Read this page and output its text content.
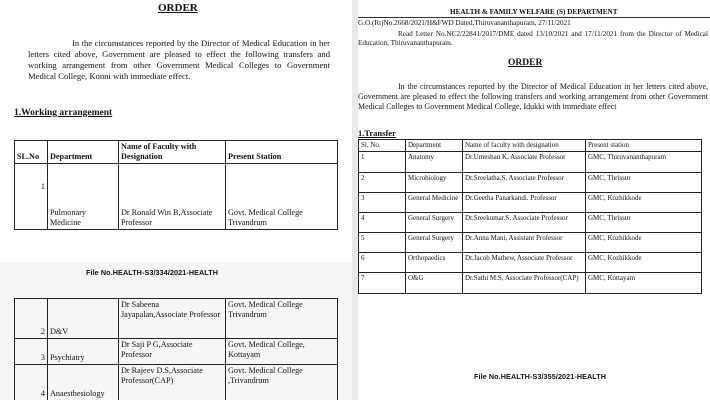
ORDER
In the circumstances reported by the Director of Medical Education in her letters cited above, Government are pleased to effect the following transfers and working arrangement from other Government Medical Colleges to Government Medical College, Konni with immediate effect.
1.Working arrangement
SL.No	Department	Name of Faculty with Designation	Present Station
1	Pulmonary Medicine	Dr Ronald Win B,Associate Professor	Govt. Medical College Trivandrum
File No.HEALTH-S3/334/2021-HEALTH
2	D&V	Dr Sabeena Jayapalan,Associate Professor	Govt. Medical College Trivandrum
3	Psychiatry	Dr Saji P G,Associate Professor	Govt. Medical College, Kottayam
4	Anaesthesiology	Dr Rajeev D.S,Associate Professor(CAP)	Govt. Medical College ,Trivandrum
HEALTH & FAMILY WELFARE (S) DEPARTMENT
G.O.(Rt)No.2668/2021/H&FWD Dated,Thiruvananthapuram, 27/11/2021
Read Letter No.NC2/22841/2017/DME dated 13/10/2021 and 17/11/2021 from the Director of Medical Education, Thiruvananthapuram.
ORDER
In the circumstances reported by the Director of Medical Education in her letters cited above, Government are pleased to effect the following transfers and working arrangement from other Government Medical Colleges to Government Medical College, Idukki with immediate effect
1.Transfer
Sl. No.	Department	Name of faculty with designation	Present station
1	Anatomy	Dr.Umeshan K, Associate Professor	GMC, Thiruvananthapuram
2	Microbiology	Dr.Sreelatha.S, Associate Professor	GMC, Thrissur
3	General Medicine	Dr.Geetha Panarkandi. Professor	GMC, Kozhikkode
4	General Surgery	Dr.Sreekumar.S, Associate Professor	GMC, Thrissur
5	General Surgery	Dr.Anna Mani, Assistant Professor	GMC, Kozhikkode
6	Orthopaedics	Dr.Jacob Mathew, Associate Professor	GMC, Kozhikkode
7	O&G	Dr.Sathi M.S, Associate Professor(CAP)	GMC, Kottayam
File No.HEALTH-S3/355/2021-HEALTH
